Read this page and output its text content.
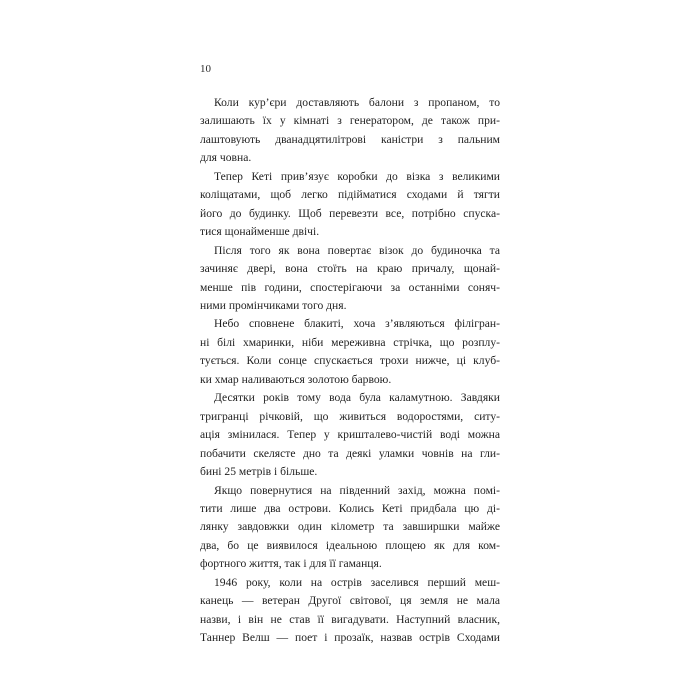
10

Коли кур’єри доставляють балони з пропаном, то
залишають їх у кімнаті з генератором, де також при-
лаштовують дванадцятилітрові каністри з пальним
для човна.

Тепер Кеті прив’язує коробки до візка з великими
коліщатами, щоб легко підійматися сходами й тягти
його до будинку. Щоб перевезти все, потрібно спуска-
тися щонайменше двічі.

Після того як вона повертає візок до будиночка та
зачиняє двері, вона стоїть на краю причалу, щонай-
менше пів години, спостерігаючи за останніми соняч-
ними промінчиками того дня.

Небо сповнене блакиті, хоча з’являються філігран-
ні білі хмаринки, ніби мереживна стрічка, що розплу-
тується. Коли сонце спускається трохи нижче, ці клуб-
ки хмар наливаються золотою барвою.

Десятки років тому вода була каламутною. Завдяки
тригранці річковій, що живиться водоростями, ситу-
ація змінилася. Тепер у кришталево-чистій воді можна
побачити скелясте дно та деякі уламки човнів на гли-
бині 25 метрів і більше.

Якщо повернутися на південний захід, можна помі-
тити лише два острови. Колись Кеті придбала цю ді-
лянку завдовжки один кілометр та завширшки майже
два, бо це виявилося ідеальною площею як для ком-
фортного життя, так і для її гаманця.

1946 року, коли на острів заселився перший меш-
канець — ветеран Другої світової, ця земля не мала
назви, і він не став її вигадувати. Наступний власник,
Таннер Велш — поет і прозаїк, назвав острів Сходами
